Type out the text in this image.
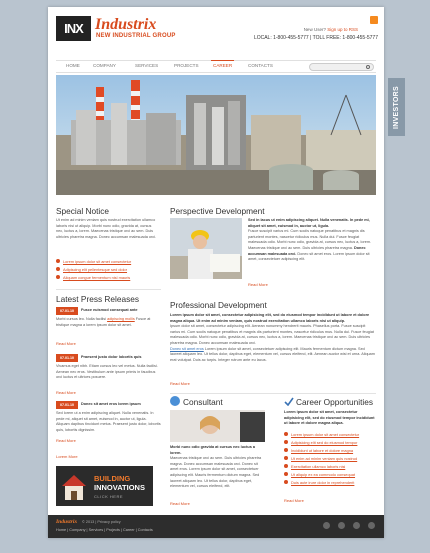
INVESTORS
INX Industrix
NEW INDUSTRIAL GROUP
New User? Sign up to RSS
LOCAL: 1-800-455-5777 | TOLL FREE: 1-800-455-5777
HOME	COMPANY	SERVICES	PROJECTS	CAREER	CONTACTS
Special Notice
Ut enim ad minim veniam quis nostrud exercitation ullamco laboris nisi ut aliquip. Morbi nunc odio, gravida at, cursus nec, luctus a, lorem. Maecenas tristique orci ac sem. Duis ultricies pharetra magna. Donec accumsan malesuada orci.
Lorem ipsum dolor sit amet consectetur
Adipiscing elit pellentesque sed dolor
Aliquam congue fermentum nisl mauris
Latest Press Releases
07.01.10	Fusce euismod consequat ante
Morbi cursus leo. Nulla facilisi adipiscing mollis Fusce at tristique magna a lorem ipsum dolor sit amet.
Read More
07.01.10	Praesent justo dolor lobortis quis
Vivamus eget nibh. Etiam cursus leo vel metus. Nulla facilisi. Aenean nec eros. Vestibulum ante ipsum primis in faucibus orci luctus et ultrices posuere.
Read More
07.01.10	Donec sit amet eros lorem ipsum
Sed lorem ut a enim adipiscing aliquet. Nulla venenatis. In pede mi, aliquet sit amet, euismod in, auctor ut, ligula. Aliquam dapibus tincidunt metus. Praesent justo dolor, lobortis quis, lobortis dignissim.
Read More
Lorem More
BUILDING
INNOVATIONS
CLICK HERE
Perspective Development
Sed in lacus ut enim adipiscing aliquet. Nulla venenatis. In pede mi, aliquet sit amet, euismod in, auctor ut, ligula.
Fusce suscipit varius mi. Cum sociis natoque penatibus et magnis dis parturient montes, nascetur ridiculus mus. Nulla dui. Fusce feugiat malesuada odio. Morbi nunc odio, gravida at, cursus nec, luctus a, lorem. Maecenas tristique orci ac sem. Duis ultricies pharetra magna. Donec accumsan malesuada orci. Donec sit amet eros. Lorem ipsum dolor sit amet, consectetuer adipiscing elit.
Read More
Professional Development
Lorem ipsum dolor sit amet, consectetur adipisicing elit, sed do eiusmod tempor incididunt ut labore et dolore magna aliqua. Ut enim ad minim veniam, quis nostrud exercitation ullamco laboris nisi ut aliquip.
Ipsum dolor sit amet, consectetur adipiscing elit. Aenean nonummy hendrerit mauris. Phasellus porta. Fusce suscipit varius mi. Cum sociis natoque penatibus et magnis dis parturient montes, nascetur ridiculus mus. Nulla dui. Fusce feugiat malesuada odio. Morbi nunc odio, gravida at, cursus nec, luctus a, lorem. Maecenas tristique orci ac sem. Duis ultricies pharetra magna. Donec accumsan malesuada orci.
Donec sit amet eros Lorem ipsum dolor sit amet, consectetuer adipiscing elit. Mauris fermentum dictum magna. Sed laoreet aliquam leo. Ut tellus dolor, dapibus eget, elementum vel, cursus eleifend, elit. Aenean auctor wisi et urna. Aliquam erat volutpat. Duis ac turpis. Integer rutrum ante eu lacus.
Read More
Consultant
Morbi nunc odio gravida at cursus nec luctus a lorem.
Maecenas tristique orci ac sem. Duis ultricies pharetra magna. Donec accumsan malesuada orci. Donec sit amet eros. Lorem ipsum dolor sit amet, consectetuer adipiscing elit. Mauris fermentum dictum magna. Sed laoreet aliquam leo. Ut tellus dolor, dapibus eget, elementum vel, cursus eleifend, elit.
Read More
Career Opportunities
Lorem ipsum dolor sit amet, consectetur adipisicing elit, sed do eiusmod tempor incididunt ut labore et dolore magna aliqua.
Lorem ipsum dolor sit amet consectetur
Adipisicing elit sed do eiusmod tempor
Incididunt ut labore et dolore magna
Ut enim ad minim veniam quis nostrud
Exercitation ullamco laboris nisi
Ut aliquip ex ea commodo consequat
Duis aute irure dolor in reprehenderit
Read More
Industrix © 2013 | Privacy policy
Home | Company | Services | Projects | Career | Contacts
